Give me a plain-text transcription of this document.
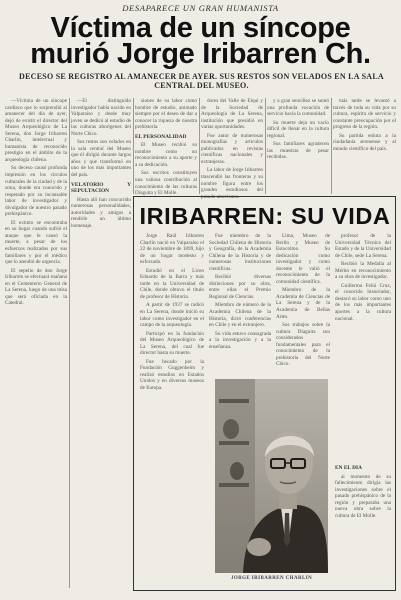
DESAPARECE UN GRAN HUMANISTA
Víctima de un síncope
murió Jorge Iribarren Ch.
DECESO SE REGISTRO AL AMANECER DE AYER. SUS RESTOS SON VELADOS EN LA SALA CENTRAL DEL MUSEO.

—Víctima de un síncope cardíaco que lo sorprendió al amanecer del día de ayer, dejó de existir el director del Museo Arqueológico de La Serena, don Jorge Iribarren Charlin, intelectual y humanista de reconocido prestigio en el ámbito de la arqueología chilena.

Su deceso causó profunda impresión en los círculos culturales de la ciudad y de la zona, donde era conocido y respetado por su incansable labor de investigador y divulgador de nuestro pasado prehispánico.

El extinto se encontraba en su hogar cuando sufrió el ataque que le causó la muerte, a pesar de los esfuerzos realizados por sus familiares y por el médico que lo atendió de urgencia.

El sepelio de don Jorge Iribarren se efectuará mañana en el Cementerio General de La Serena, luego de una misa que será oficiada en la Catedral.

—El distinguido investigador había nacido en Valparaíso y desde muy joven se dedicó al estudio de las culturas aborígenes del Norte Chico.

Sus restos son velados en la sala central del Museo que él dirigió durante largos años y que transformó en uno de los más importantes del país.

VELATORIO Y SEPULTACION

Hasta allí han concurrido numerosas personalidades, autoridades y amigos a rendirle un último homenaje.

siones de su labor como hombre de estudio, animado siempre por el deseo de dar a conocer la riqueza de nuestra prehistoria.

EL PERSONALIDAD

El Museo recibió su nombre como un reconocimiento a su aporte y a su dedicación.

Sus escritos constituyen una valiosa contribución al conocimiento de las culturas Diaguita y El Molle.

dores del Valle de Elqui y de la Sociedad de Arqueología de La Serena, institución que presidió en varias oportunidades.

Fue autor de numerosas monografías y artículos publicados en revistas científicas nacionales y extranjeras.

La labor de Jorge Iribarren trascendió las fronteras y su nombre figura entre los grandes estudiosos del pasado americano.

y a gran sencillez se sumó una profunda vocación de servicio hacia la comunidad.

Su muerte deja un vacío difícil de llenar en la cultura regional.

Sus familiares agradecen las muestras de pesar recibidas.

más tarde se levantó a través de toda su vida por su cultura, espíritu de servicio y constante preocupación por el progreso de la región.

Su partida enluta a la ciudadanía serenense y al mundo científico del país.

IRIBARREN: SU VIDA

Jorge Raúl Iribarren Charlín nació en Valparaíso el 22 de noviembre de 1899, hijo de un hogar modesto y esforzado.

Estudió en el Liceo Eduardo de la Barra y más tarde en la Universidad de Chile, donde obtuvo el título de profesor de Historia.

A partir de 1937 se radicó en La Serena, donde inició su labor como investigador en el campo de la arqueología.

Participó en la fundación del Museo Arqueológico de La Serena, del cual fue director hasta su muerte.

Fue becado por la Fundación Guggenheim y realizó estudios en Estados Unidos y en diversos museos de Europa.

Fue miembro de la Sociedad Chilena de Historia y Geografía, de la Academia Chilena de la Historia y de numerosas instituciones científicas.

Recibió diversas distinciones por su obra, entre ellas el Premio Regional de Ciencias.

Miembro de número de la Academia Chilena de la Historia, dictó conferencias en Chile y en el extranjero.

Su vida estuvo consagrada a la investigación y a la enseñanza.

Lima, Museo de Berlín y Museo de Estocolmo. Su dedicación como investigador y como docente le valió el reconocimiento de la comunidad científica.

Miembro de la Academia de Ciencias de La Serena y de la Academia de Bellas Artes.

Sus trabajos sobre la cultura Diaguita son considerados fundamentales para el conocimiento de la prehistoria del Norte Chico.

profesor de la Universidad Técnica del Estado y de la Universidad de Chile, sede La Serena.

Recibió la Medalla al Mérito en reconocimiento a su obra de investigador.

Guillermo Feliú Cruz, el conocido historiador, destacó su labor como uno de los más importantes aportes a la cultura nacional.

EN EL DIA

al momento de su fallecimiento dirigía las investigaciones sobre el pasado prehispánico de la región y preparaba una nueva obra sobre la cultura de El Molle.

JORGE IRIBARREN CHARLIN
